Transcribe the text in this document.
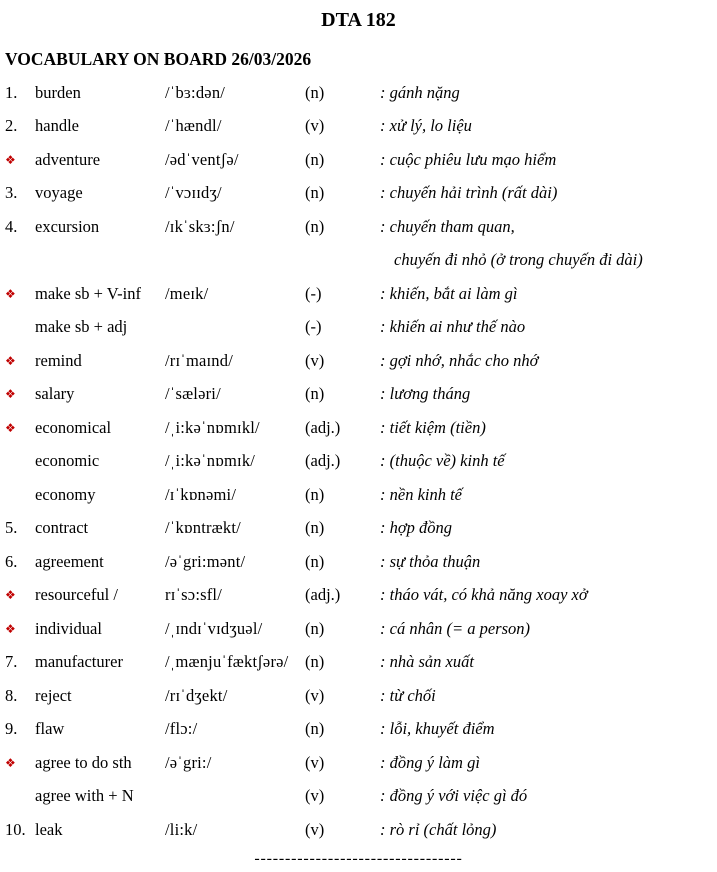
DTA 182
VOCABULARY ON BOARD 26/03/2026
1.	burden	/ˈbɜ:dən/	(n)	: gánh nặng
2.	handle	/ˈhændl/	(v)	: xử lý, lo liệu
❖	adventure	/ədˈventʃə/	(n)	: cuộc phiêu lưu mạo hiểm
3.	voyage	/ˈvɔɪɪdʒ/	(n)	: chuyến hải trình (rất dài)
4.	excursion	/ɪkˈskɜ:ʃn/	(n)	: chuyến tham quan,
chuyến đi nhỏ (ở trong chuyến đi dài)
❖	make sb + V-inf	/meɪk/	(-)	: khiến, bắt ai làm gì
make sb + adj	(-)	: khiến ai như thế nào
❖	remind	/rɪˈmaɪnd/	(v)	: gợi nhớ, nhắc cho nhớ
❖	salary	/ˈsæləri/	(n)	: lương tháng
❖	economical	/ˌi:kəˈnɒmɪkl/	(adj.)	: tiết kiệm (tiền)
economic	/ˌi:kəˈnɒmɪk/	(adj.)	: (thuộc về) kinh tế
economy	/ɪˈkɒnəmi/	(n)	: nền kinh tế
5.	contract	/ˈkɒntrækt/	(n)	: hợp đồng
6.	agreement	/əˈgri:mənt/	(n)	: sự thỏa thuận
❖	resourceful /	rɪˈsɔ:sfl/	(adj.)	: tháo vát, có khả năng xoay xở
❖	individual	/ˌɪndɪˈvɪdʒuəl/	(n)	: cá nhân (= a person)
7.	manufacturer	/ˌmænjuˈfæktʃərə/	(n)	: nhà sản xuất
8.	reject	/rɪˈdʒekt/	(v)	: từ chối
9.	flaw	/flɔ:/	(n)	: lỗi, khuyết điểm
❖	agree to do sth	/əˈgri:/	(v)	: đồng ý làm gì
agree with + N	(v)	: đồng ý với việc gì đó
10. leak	/li:k/	(v)	: rò rỉ (chất lỏng)
----------------------------------
